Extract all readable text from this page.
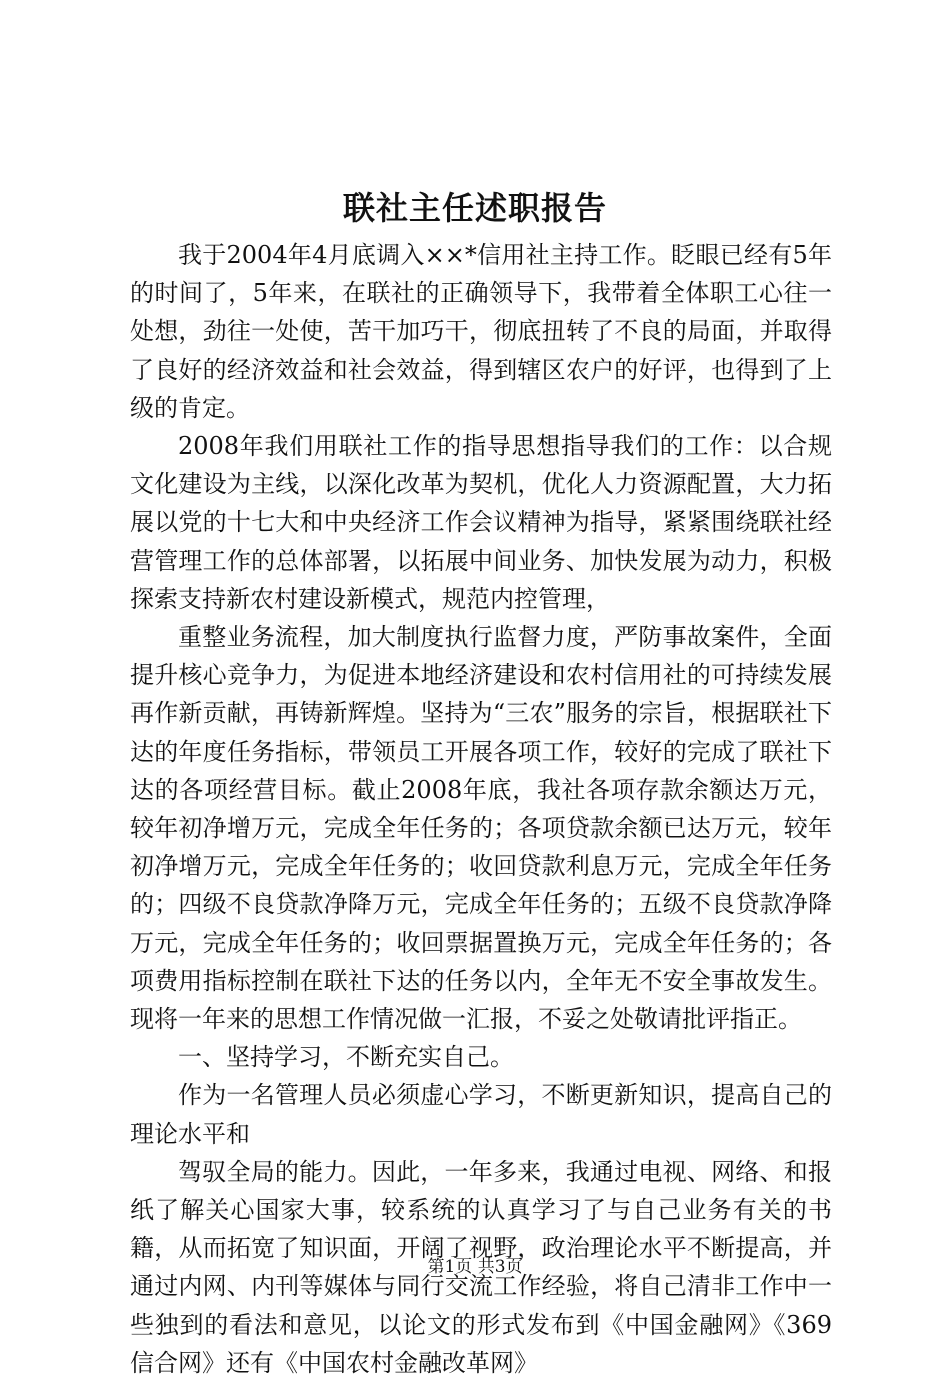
联社主任述职报告

我于2004年4月底调入××*信用社主持工作。眨眼已经有5年的时间了，5年来，在联社的正确领导下，我带着全体职工心往一处想，劲往一处使，苦干加巧干，彻底扭转了不良的局面，并取得了良好的经济效益和社会效益，得到辖区农户的好评，也得到了上级的肯定。

2008年我们用联社工作的指导思想指导我们的工作：以合规文化建设为主线，以深化改革为契机，优化人力资源配置，大力拓展以党的十七大和中央经济工作会议精神为指导，紧紧围绕联社经营管理工作的总体部署，以拓展中间业务、加快发展为动力，积极探索支持新农村建设新模式，规范内控管理，

重整业务流程，加大制度执行监督力度，严防事故案件，全面提升核心竞争力，为促进本地经济建设和农村信用社的可持续发展再作新贡献，再铸新辉煌。坚持为“三农”服务的宗旨，根据联社下达的年度任务指标，带领员工开展各项工作，较好的完成了联社下达的各项经营目标。截止2008年底，我社各项存款余额达万元，较年初净增万元，完成全年任务的；各项贷款余额已达万元，较年初净增万元，完成全年任务的；收回贷款利息万元，完成全年任务的；四级不良贷款净降万元，完成全年任务的；五级不良贷款净降万元，完成全年任务的；收回票据置换万元，完成全年任务的；各项费用指标控制在联社下达的任务以内，全年无不安全事故发生。现将一年来的思想工作情况做一汇报，不妥之处敬请批评指正。

一、坚持学习，不断充实自己。

作为一名管理人员必须虚心学习，不断更新知识，提高自己的理论水平和

驾驭全局的能力。因此，一年多来，我通过电视、网络、和报纸了解关心国家大事，较系统的认真学习了与自己业务有关的书籍，从而拓宽了知识面，开阔了视野，政治理论水平不断提高，并通过内网、内刊等媒体与同行交流工作经验，将自己清非工作中一些独到的看法和意见，以论文的形式发布到《中国金融网》《369信合网》还有《中国农村金融改革网》

第1页 共3页
